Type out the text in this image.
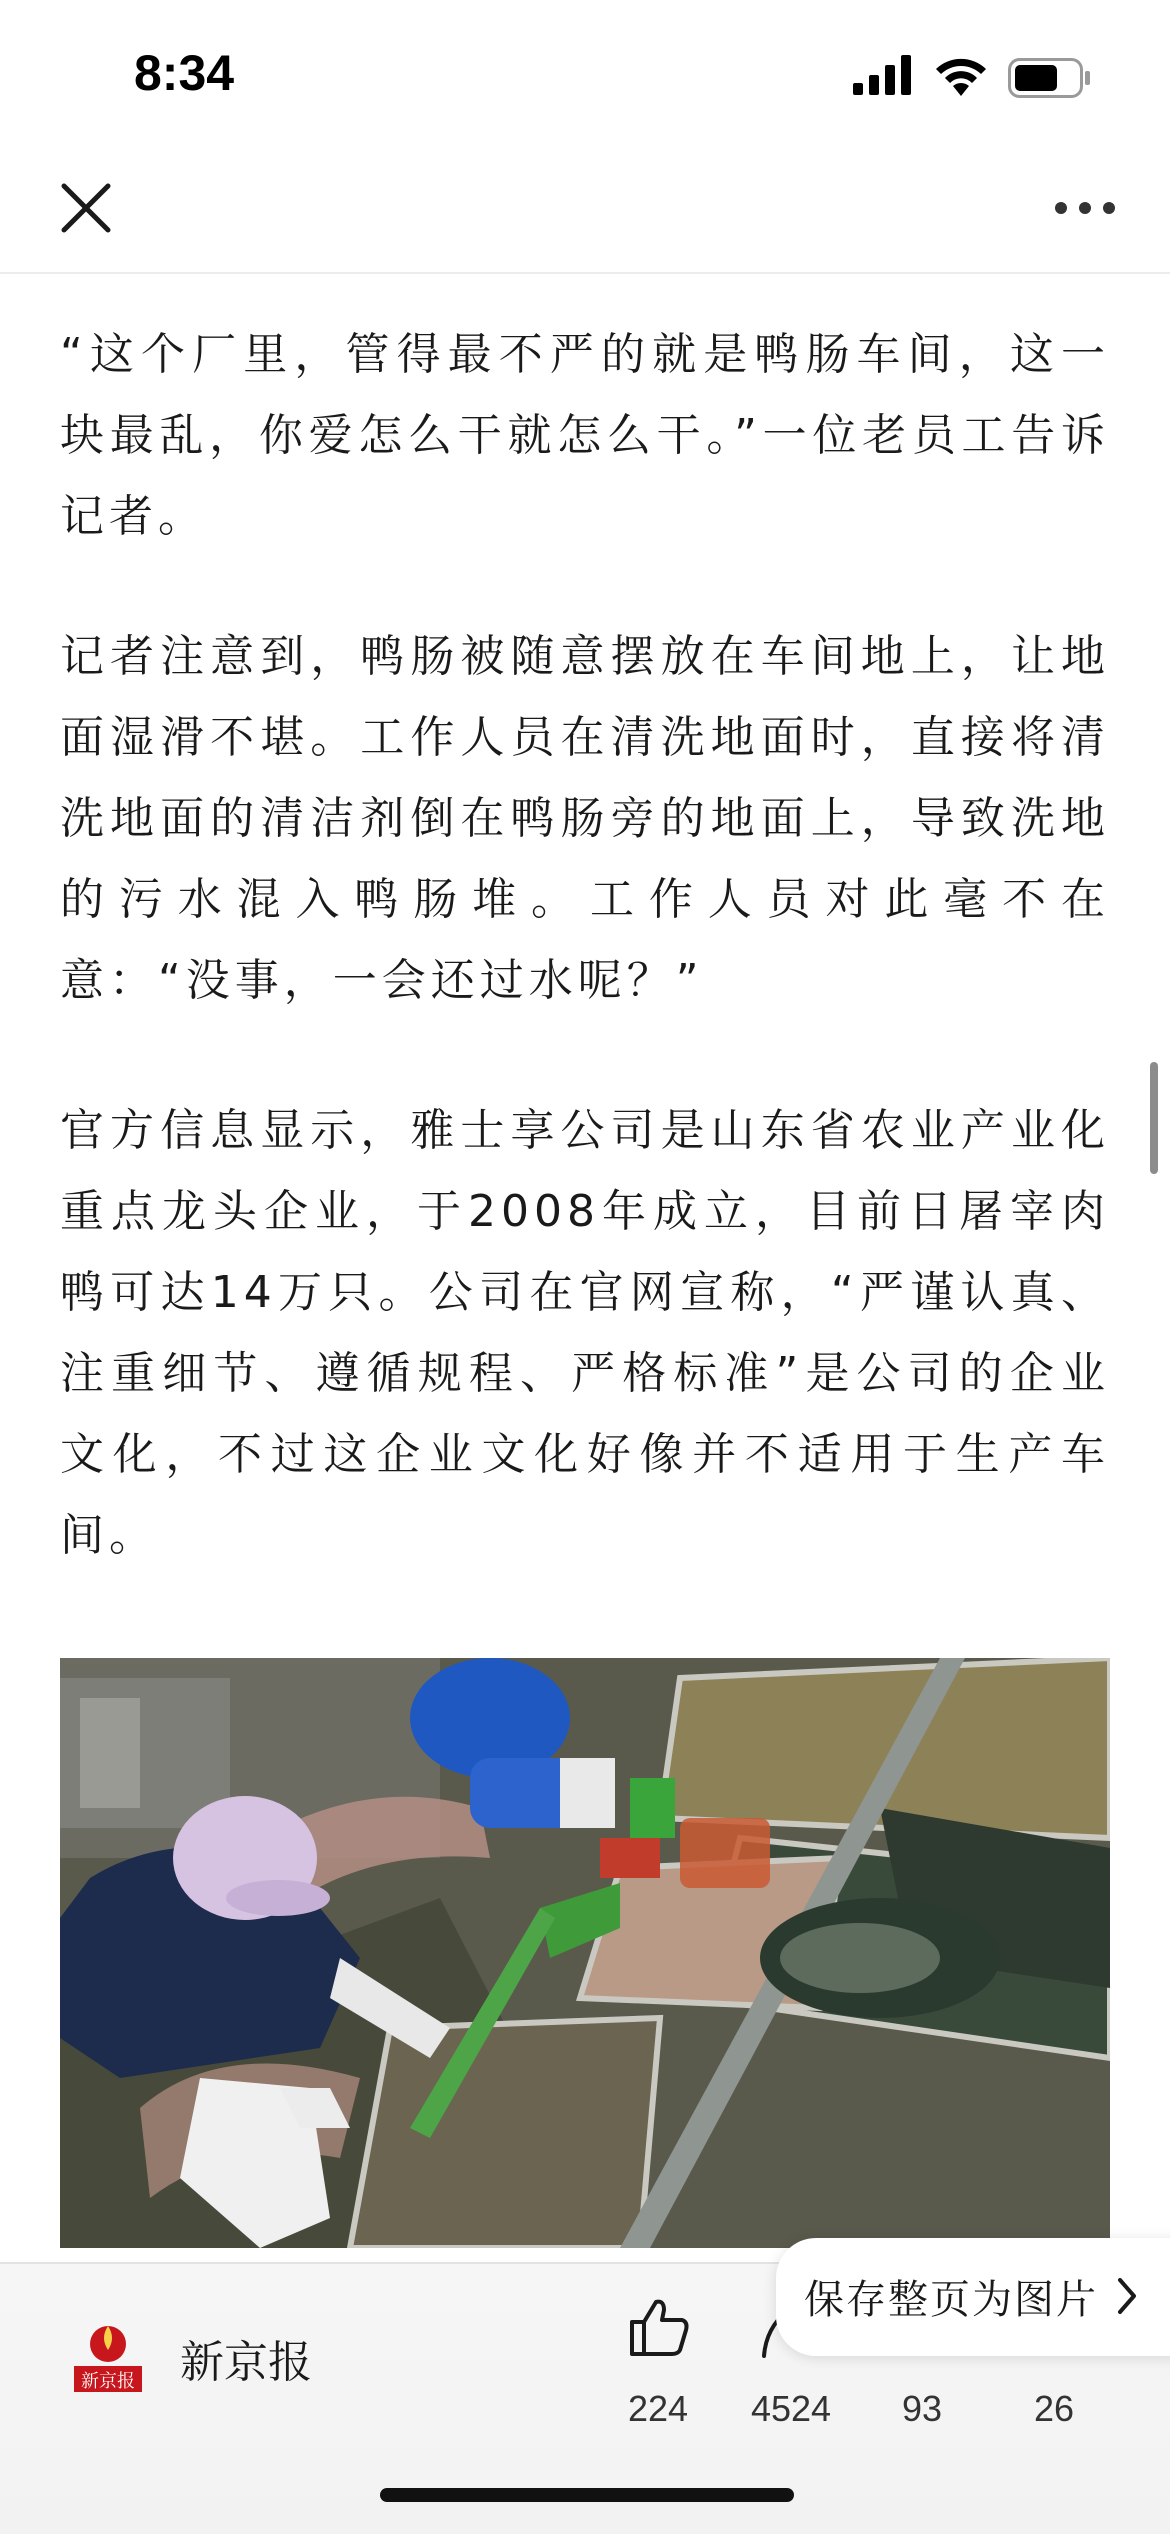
8:34

“这个厂里，管得最不严的就是鸭肠车间，这一块最乱，你爱怎么干就怎么干。”一位老员工告诉记者。

记者注意到，鸭肠被随意摆放在车间地上，让地面湿滑不堪。工作人员在清洗地面时，直接将清洗地面的清洁剂倒在鸭肠旁的地面上，导致洗地的污水混入鸭肠堆。工作人员对此毫不在意：“没事，一会还过水呢？”

官方信息显示，雅士享公司是山东省农业产业化重点龙头企业，于2008年成立，目前日屠宰肉鸭可达14万只。公司在官网宣称，“严谨认真、注重细节、遵循规程、严格标准”是公司的企业文化，不过这企业文化好像并不适用于生产车间。

新京报 新京报
224	4524	93	26
保存整页为图片
